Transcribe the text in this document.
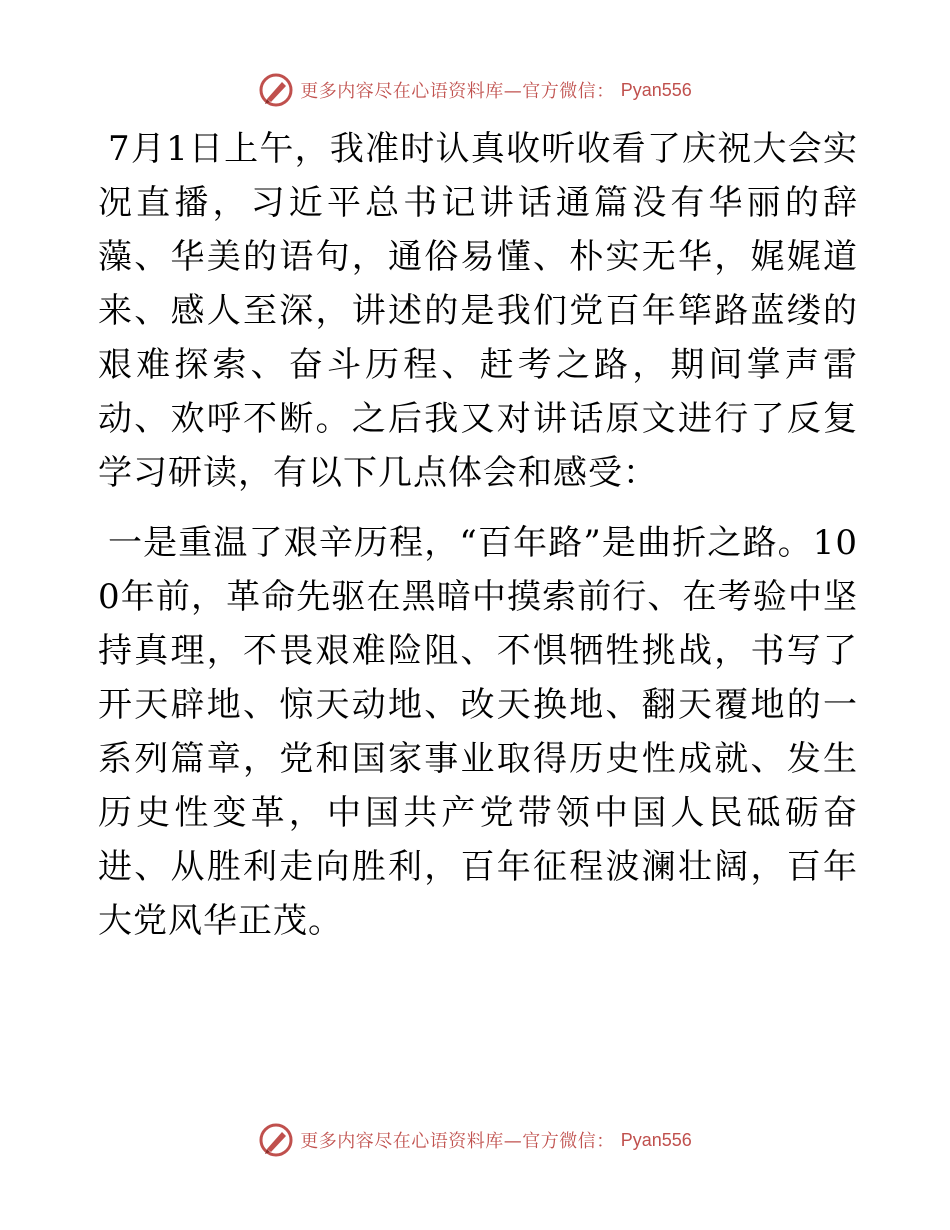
更多内容尽在心语资料库—官方微信： Pyan556

7月1日上午，我准时认真收听收看了庆祝大会实况直播，习近平总书记讲话通篇没有华丽的辞藻、华美的语句，通俗易懂、朴实无华，娓娓道来、感人至深，讲述的是我们党百年筚路蓝缕的艰难探索、奋斗历程、赶考之路，期间掌声雷动、欢呼不断。之后我又对讲话原文进行了反复学习研读，有以下几点体会和感受：

一是重温了艰辛历程，“百年路”是曲折之路。100年前，革命先驱在黑暗中摸索前行、在考验中坚持真理，不畏艰难险阻、不惧牺牲挑战，书写了开天辟地、惊天动地、改天换地、翻天覆地的一系列篇章，党和国家事业取得历史性成就、发生历史性变革，中国共产党带领中国人民砥砺奋进、从胜利走向胜利，百年征程波澜壮阔，百年大党风华正茂。

更多内容尽在心语资料库—官方微信： Pyan556
